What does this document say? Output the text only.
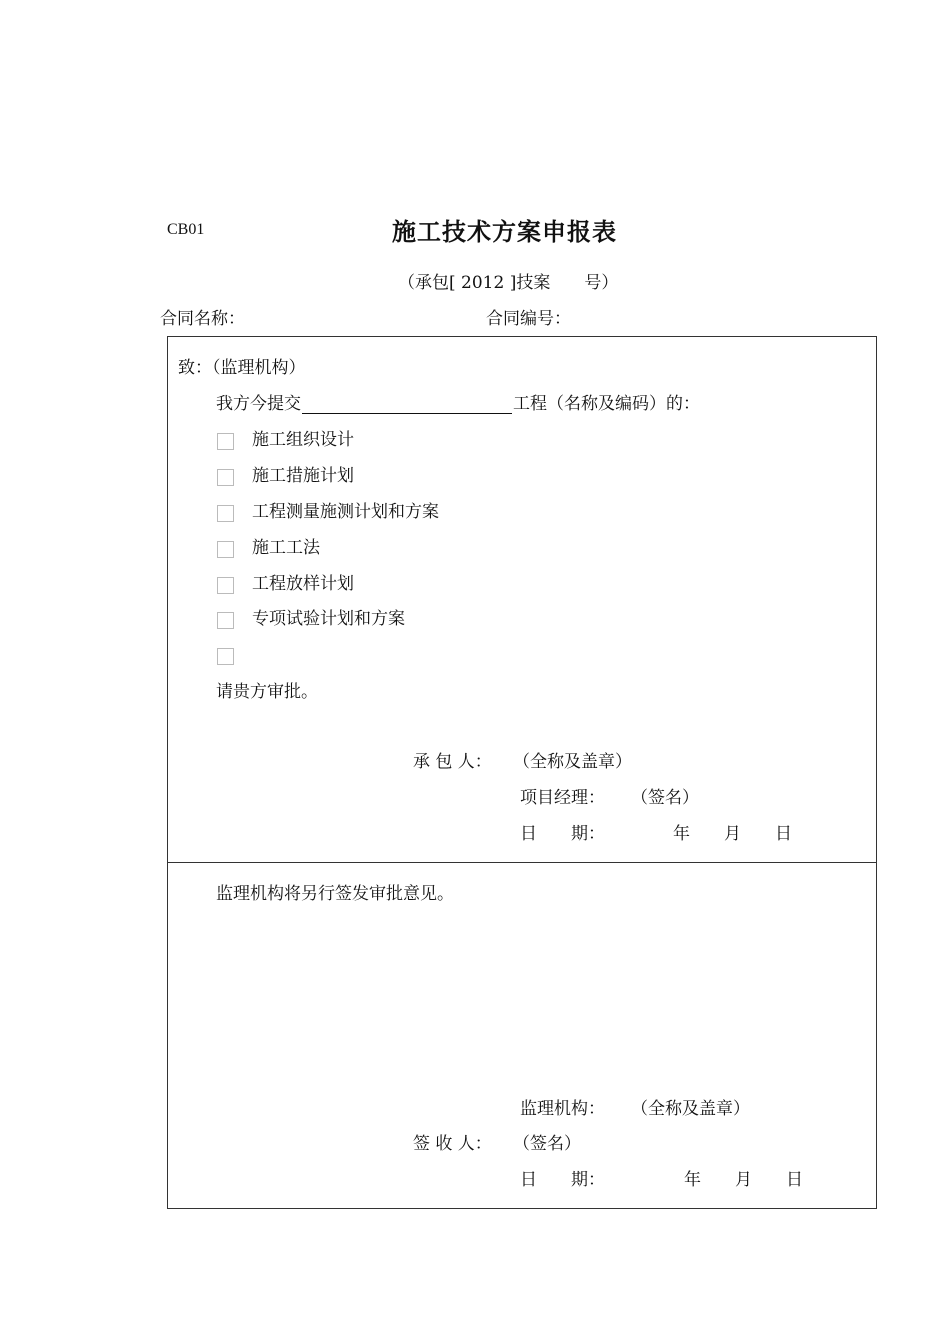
CB01	施工技术方案申报表
（承包[ 2012 ]技案　　号）
合同名称：	合同编号：
致：（监理机构）
我方今提交	工程（名称及编码）的：
施工组织设计
施工措施计划
工程测量施测计划和方案
施工工法
工程放样计划
专项试验计划和方案
请贵方审批。
承 包 人： （全称及盖章）
项目经理： （签名）
日　　期：	年　　月　　日
监理机构将另行签发审批意见。
监理机构： （全称及盖章）
签 收 人： （签名）
日　　期：	年　　月　　日
